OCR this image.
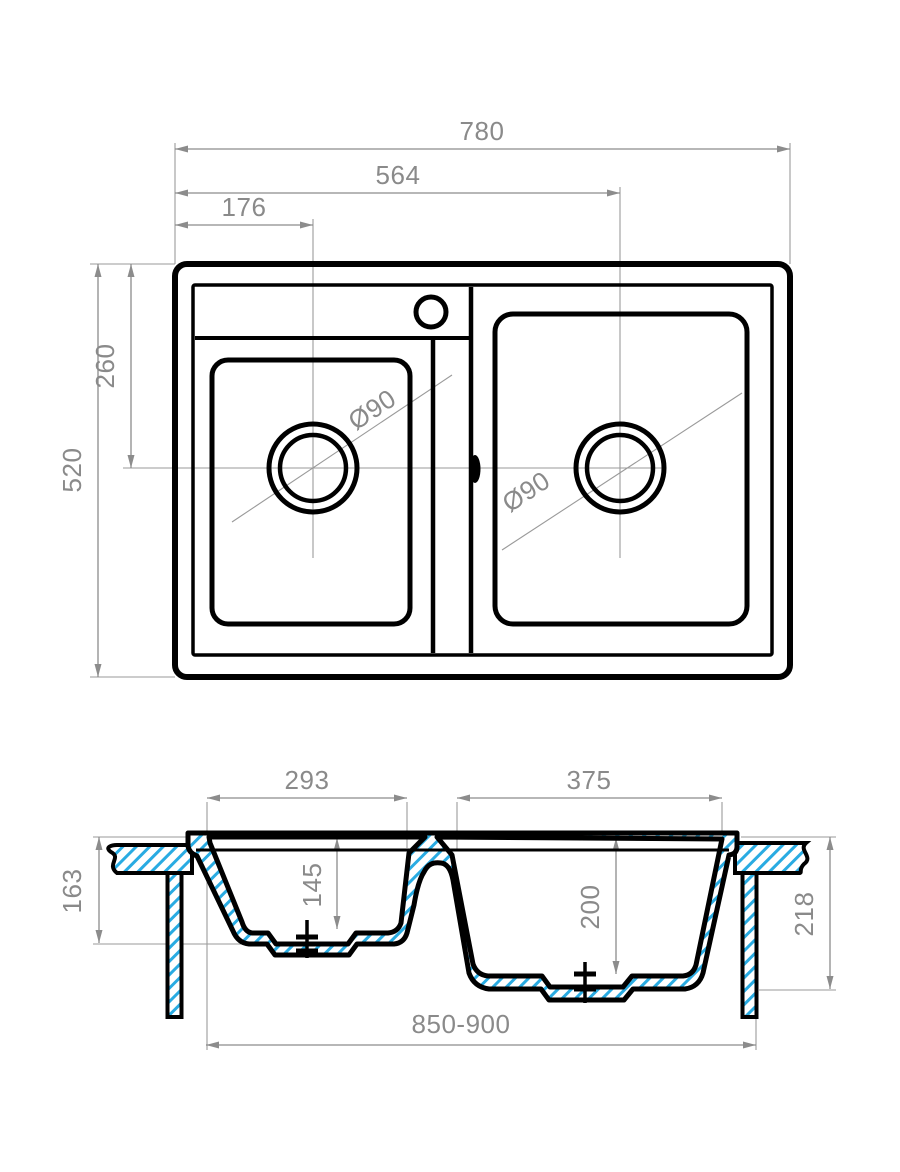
780
564
176
520
260
Ø90
Ø90
293	375
163	145	200	218
850-900
